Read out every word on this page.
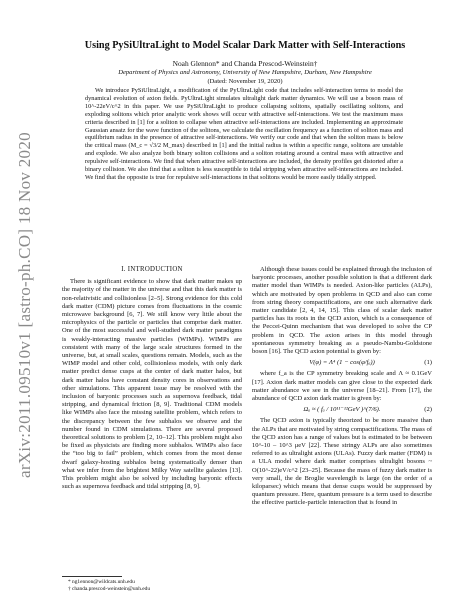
arXiv:2011.09510v1 [astro-ph.CO] 18 Nov 2020
Using PySiUltraLight to Model Scalar Dark Matter with Self-Interactions
Noah Glennon* and Chanda Prescod-Weinstein†
Department of Physics and Astronomy, University of New Hampshire, Durham, New Hampshire
(Dated: November 19, 2020)

We introduce PySiUltraLight, a modification of the PyUltraLight code that includes self-interaction terms to model the dynamical evolution of axion fields. PyUltraLight simulates ultralight dark matter dynamics. We will use a boson mass of 10^-22eV/c^2 in this paper. We use PySiUltraLight to produce collapsing solitons, spatially oscillating solitons, and exploding solitons which prior analytic work shows will occur with attractive self-interactions. We test the maximum mass criteria described in [1] for a soliton to collapse when attractive self-interactions are included. Implementing an approximate Gaussian ansatz for the wave function of the solitons, we calculate the oscillation frequency as a function of soliton mass and equilibrium radius in the presence of attractive self-interactions. We verify our code and that when the soliton mass is below the critical mass (M_c = √3/2 M_max) described in [1] and the initial radius is within a specific range, solitons are unstable and explode. We also analyze both binary soliton collisions and a soliton rotating around a central mass with attractive and repulsive self-interactions. We find that when attractive self-interactions are included, the density profiles get distorted after a binary collision. We also find that a soliton is less susceptible to tidal stripping when attractive self-interactions are included. We find that the opposite is true for repulsive self-interactions in that solitons would be more easily tidally stripped.

I. INTRODUCTION

There is significant evidence to show that dark matter makes up the majority of the matter in the universe and that this dark matter is non-relativistic and collisionless [2–5]. Strong evidence for this cold dark matter (CDM) picture comes from fluctuations in the cosmic microwave background [6, 7]. We still know very little about the microphysics of the particle or particles that comprise dark matter. One of the most successful and well-studied dark matter paradigms is weakly-interacting massive particles (WIMPs). WIMPs are consistent with many of the large scale structures formed in the universe, but, at small scales, questions remain. Models, such as the WIMP model and other cold, collisionless models, with only dark matter predict dense cusps at the center of dark matter halos, but dark matter halos have constant density cores in observations and other simulations. This apparent issue may be resolved with the inclusion of baryonic processes such as supernova feedback, tidal stripping, and dynamical friction [8, 9]. Traditional CDM models like WIMPs also face the missing satellite problem, which refers to the discrepancy between the few subhalos we observe and the number found in CDM simulations. There are several proposed theoretical solutions to problem [2, 10–12]. This problem might also be fixed as physicists are finding more subhalos. WIMPs also face the “too big to fail” problem, which comes from the most dense dwarf galaxy-hosting subhalos being systematically denser than what we infer from the brightest Milky Way satellite galaxies [13]. This problem might also be solved by including baryonic effects such as supernova feedback and tidal stripping [8, 9].

Although these issues could be explained through the inclusion of baryonic processes, another possible solution is that a different dark matter model than WIMPs is needed. Axion-like particles (ALPs), which are motivated by open problems in QCD and also can come from string theory compactifications, are one such alternative dark matter candidate [2, 4, 14, 15]. This class of scalar dark matter particles has its roots in the QCD axion, which is a consequence of the Peccei-Quinn mechanism that was developed to solve the CP problem in QCD. The axion arises in this model through spontaneous symmetry breaking as a pseudo-Nambu-Goldstone boson [16]. The QCD axion potential is given by:

V(φ) = Λ⁴ (1 − cos(φ/fₐ))	(1)

where f_a is the CP symmetry breaking scale and Λ ≈ 0.1GeV [17]. Axion dark matter models can give close to the expected dark matter abundance we see in the universe [18–21]. From [17], the abundance of QCD axion dark matter is given by:

Ωₐ ≈ ( fₐ / 10¹¹⁻¹²GeV )^(7/6).	(2)

The QCD axion is typically theorized to be more massive than the ALPs that are motivated by string compactifications. The mass of the QCD axion has a range of values but is estimated to be between 10^-10 – 10^3 μeV [22]. These stringy ALPs are also sometimes referred to as ultralight axions (ULAs). Fuzzy dark matter (FDM) is a ULA model where dark matter comprises ultralight bosons ~ O(10^-22)eV/c^2 [23–25]. Because the mass of fuzzy dark matter is very small, the de Broglie wavelength is large (on the order of a kiloparsec) which means that dense cusps would be suppressed by quantum pressure. Here, quantum pressure is a term used to describe the effective particle-particle interaction that is found in

* ng1ennon@wildcats.unh.edu
† chanda.prescod-weinstein@unh.edu
